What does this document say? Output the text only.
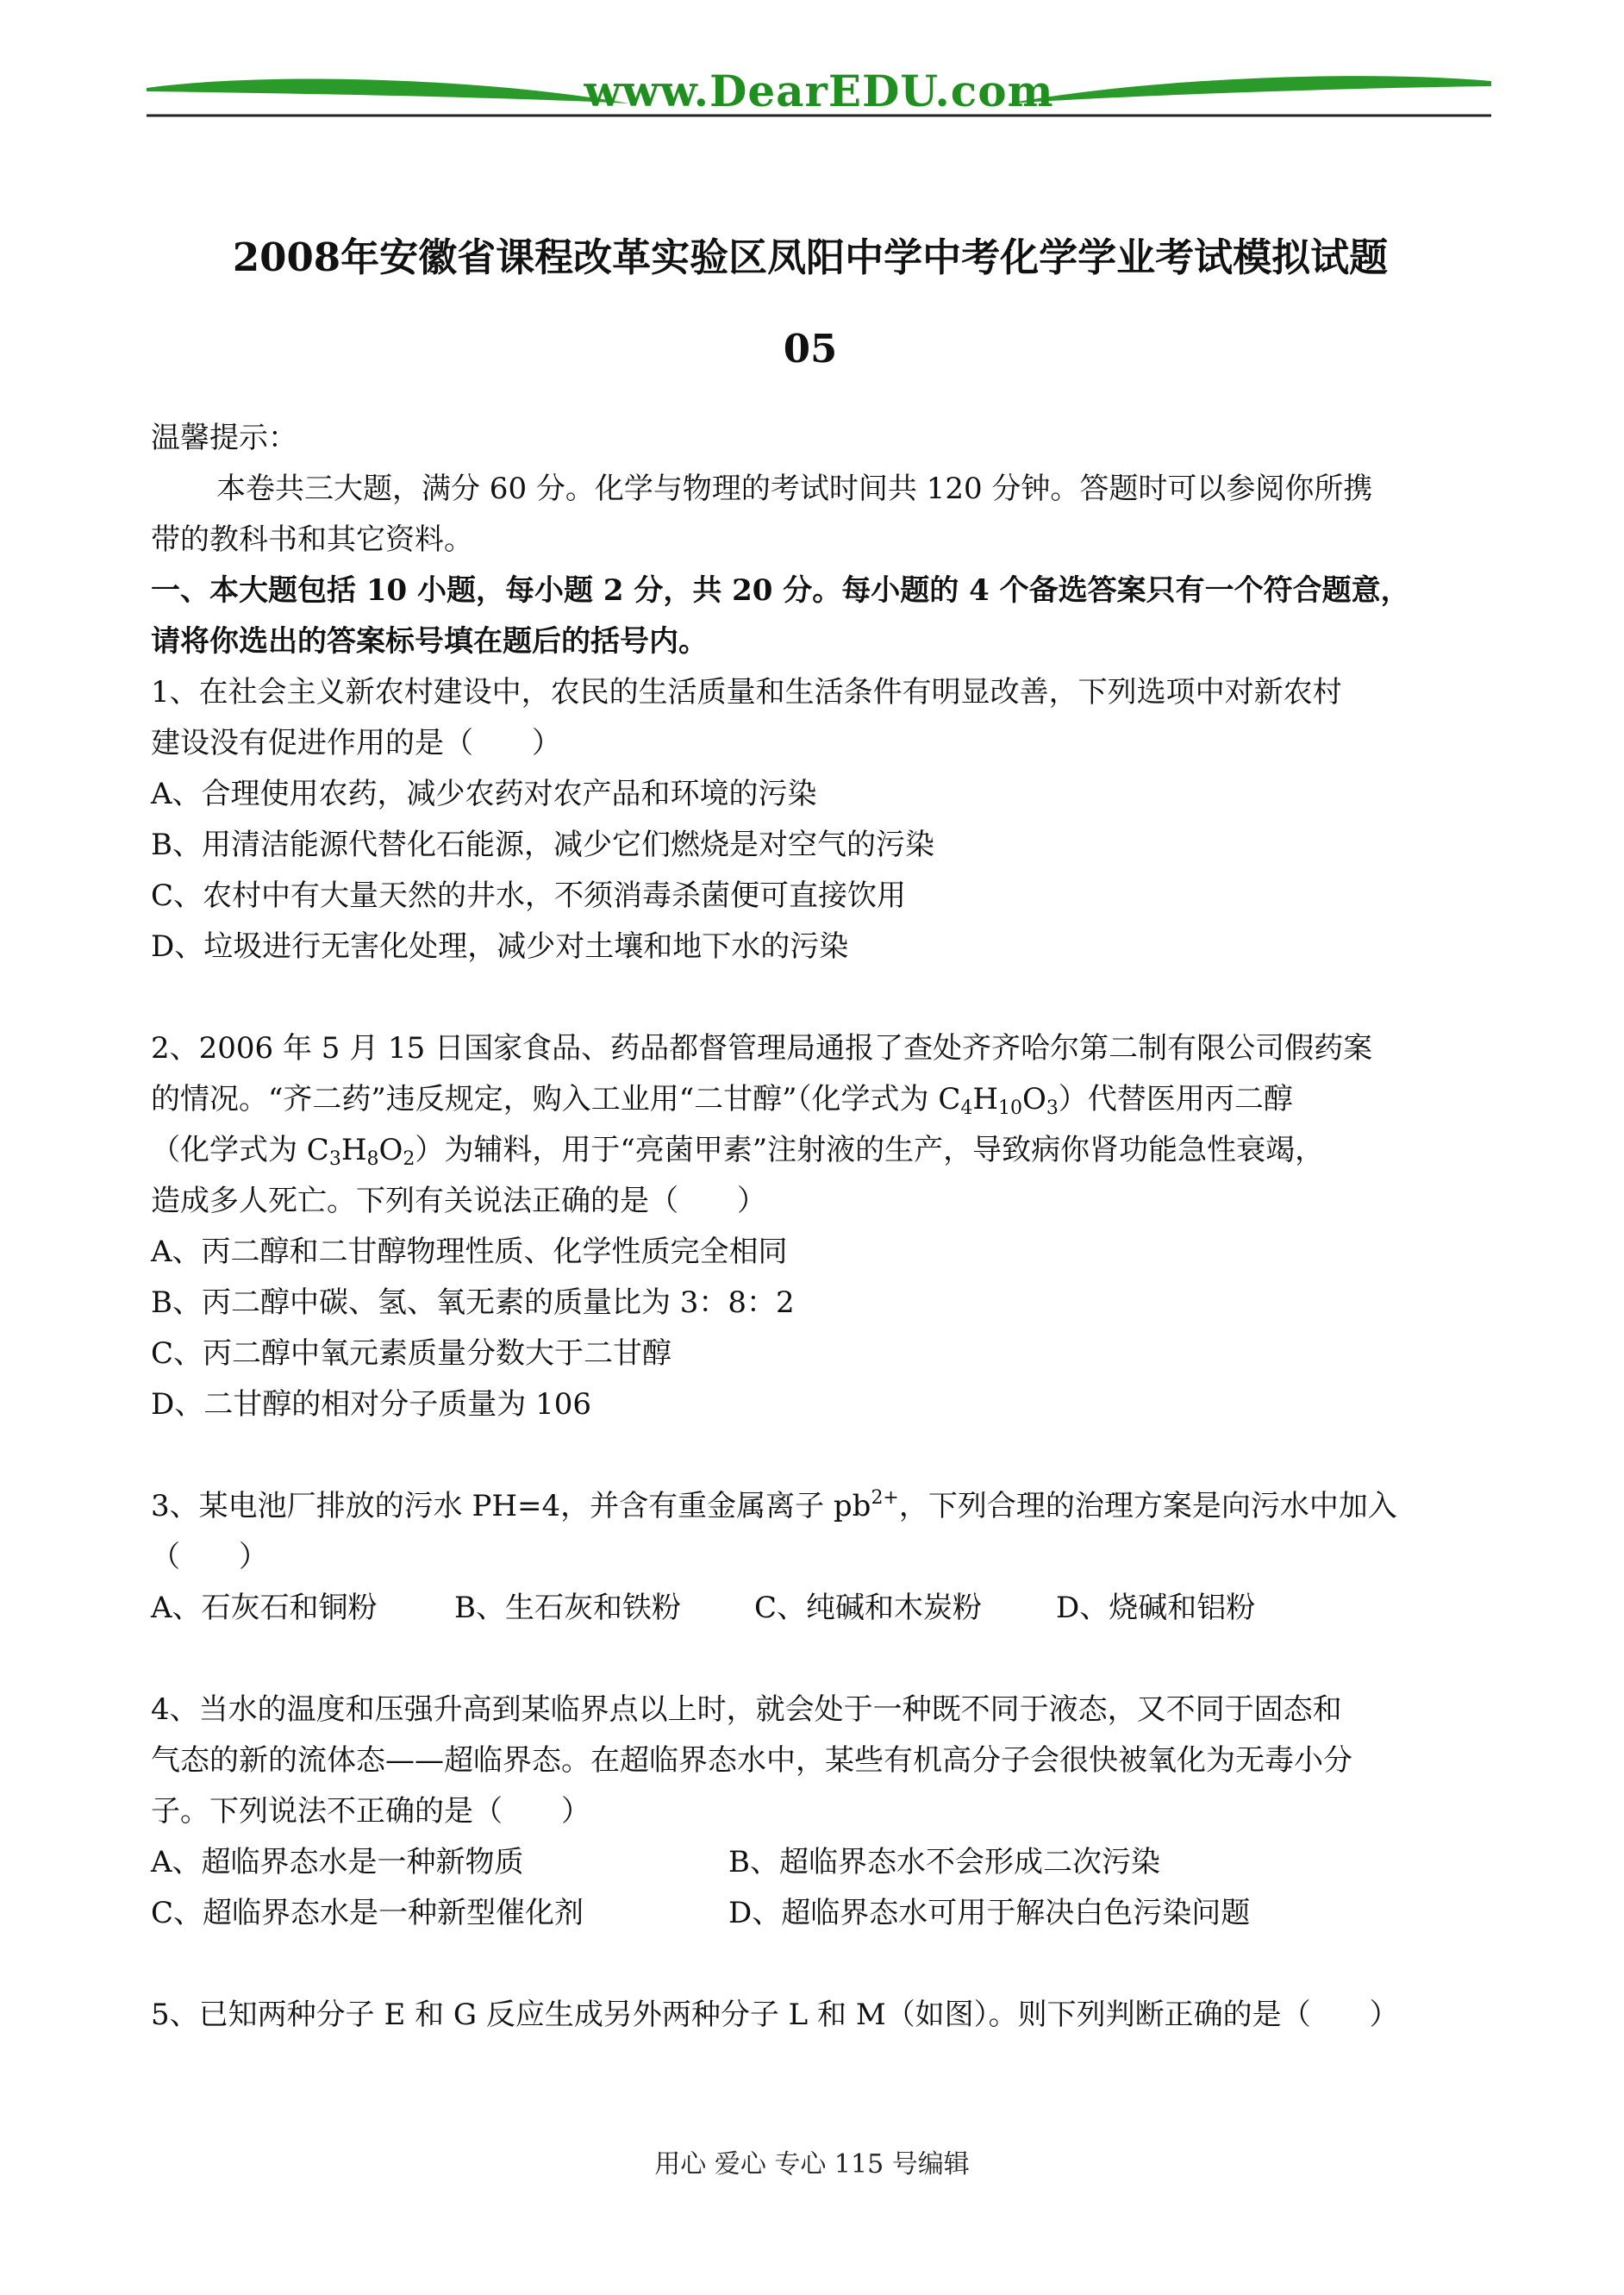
www.DearEDU.com
2008年安徽省课程改革实验区凤阳中学中考化学学业考试模拟试题
05
温馨提示：
本卷共三大题，满分 60 分。化学与物理的考试时间共 120 分钟。答题时可以参阅你所携
带的教科书和其它资料。
一、本大题包括 10 小题，每小题 2 分，共 20 分。每小题的 4 个备选答案只有一个符合题意，
请将你选出的答案标号填在题后的括号内。
1、在社会主义新农村建设中，农民的生活质量和生活条件有明显改善，下列选项中对新农村
建设没有促进作用的是（　　）
A、合理使用农药，减少农药对农产品和环境的污染
B、用清洁能源代替化石能源，减少它们燃烧是对空气的污染
C、农村中有大量天然的井水，不须消毒杀菌便可直接饮用
D、垃圾进行无害化处理，减少对土壤和地下水的污染
2、2006 年 5 月 15 日国家食品、药品都督管理局通报了查处齐齐哈尔第二制有限公司假药案
的情况。“齐二药”违反规定，购入工业用“二甘醇”（化学式为 $C_4H_{10}O_3$）代替医用丙二醇
（化学式为 $C_3H_8O_2$）为辅料，用于“亮菌甲素”注射液的生产，导致病你肾功能急性衰竭，
造成多人死亡。下列有关说法正确的是（　　）
A、丙二醇和二甘醇物理性质、化学性质完全相同
B、丙二醇中碳、氢、氧无素的质量比为 3：8：2
C、丙二醇中氧元素质量分数大于二甘醇
D、二甘醇的相对分子质量为 106
3、某电池厂排放的污水 PH=4，并含有重金属离子 $pb^{2+}$，下列合理的治理方案是向污水中加入
（　　）
A、石灰石和铜粉	B、生石灰和铁粉	C、纯碱和木炭粉	D、烧碱和铝粉
4、当水的温度和压强升高到某临界点以上时，就会处于一种既不同于液态，又不同于固态和
气态的新的流体态——超临界态。在超临界态水中，某些有机高分子会很快被氧化为无毒小分
子。下列说法不正确的是（　　）
A、超临界态水是一种新物质	B、超临界态水不会形成二次污染
C、超临界态水是一种新型催化剂	D、超临界态水可用于解决白色污染问题
5、已知两种分子 E 和 G 反应生成另外两种分子 L 和 M（如图）。则下列判断正确的是（　　）
用心 爱心 专心 115 号编辑
